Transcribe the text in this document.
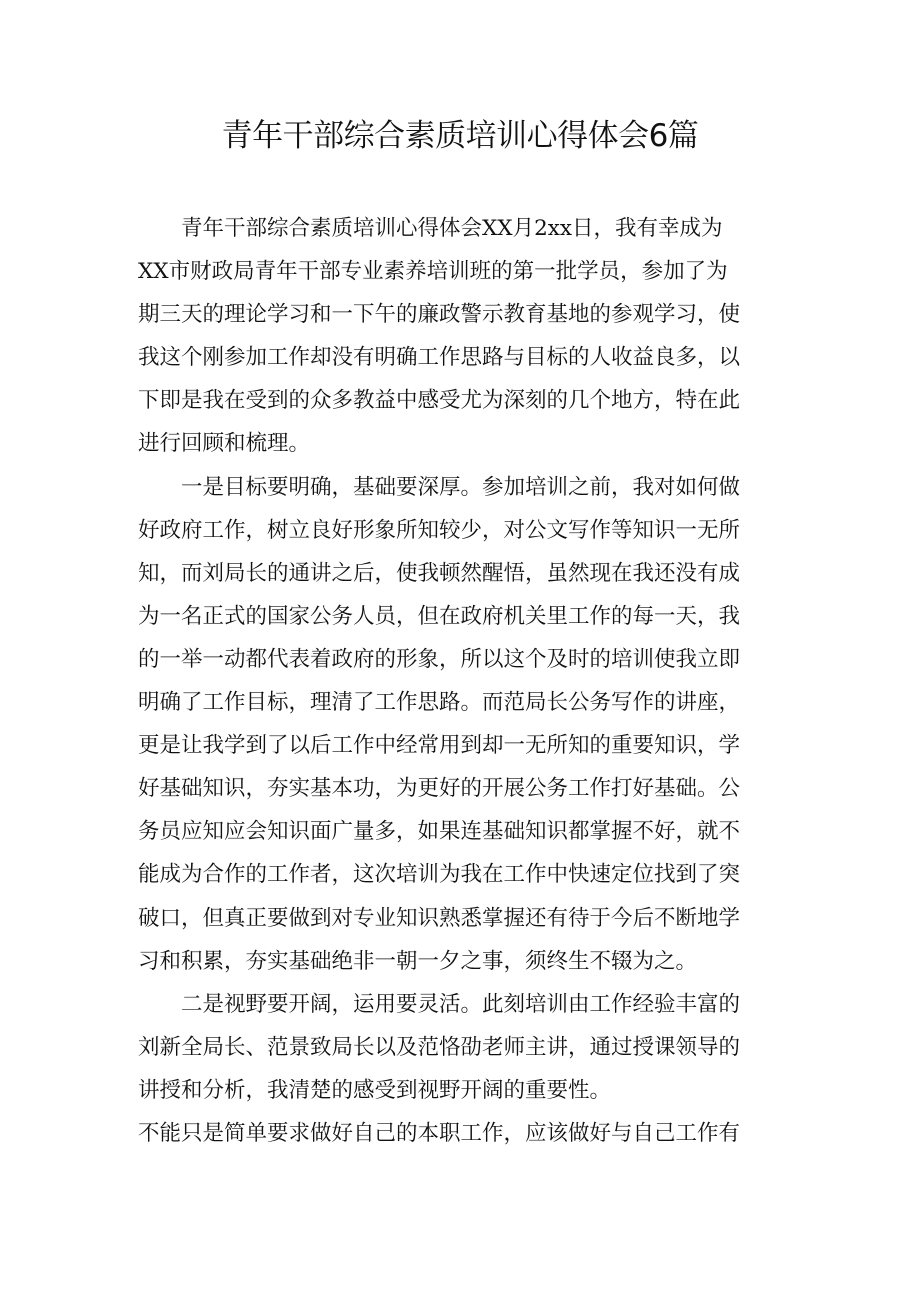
青年干部综合素质培训心得体会6篇

青年干部综合素质培训心得体会XX月2xx日，我有幸成为
XX市财政局青年干部专业素养培训班的第一批学员，参加了为
期三天的理论学习和一下午的廉政警示教育基地的参观学习，使
我这个刚参加工作却没有明确工作思路与目标的人收益良多，以
下即是我在受到的众多教益中感受尤为深刻的几个地方，特在此
进行回顾和梳理。

一是目标要明确，基础要深厚。参加培训之前，我对如何做
好政府工作，树立良好形象所知较少，对公文写作等知识一无所
知，而刘局长的通讲之后，使我顿然醒悟，虽然现在我还没有成
为一名正式的国家公务人员，但在政府机关里工作的每一天，我
的一举一动都代表着政府的形象，所以这个及时的培训使我立即
明确了工作目标，理清了工作思路。而范局长公务写作的讲座，
更是让我学到了以后工作中经常用到却一无所知的重要知识，学
好基础知识，夯实基本功，为更好的开展公务工作打好基础。公
务员应知应会知识面广量多，如果连基础知识都掌握不好，就不
能成为合作的工作者，这次培训为我在工作中快速定位找到了突
破口，但真正要做到对专业知识熟悉掌握还有待于今后不断地学
习和积累，夯实基础绝非一朝一夕之事，须终生不辍为之。

二是视野要开阔，运用要灵活。此刻培训由工作经验丰富的
刘新全局长、范景致局长以及范恪劭老师主讲，通过授课领导的
讲授和分析，我清楚的感受到视野开阔的重要性。

不能只是简单要求做好自己的本职工作，应该做好与自己工作有
